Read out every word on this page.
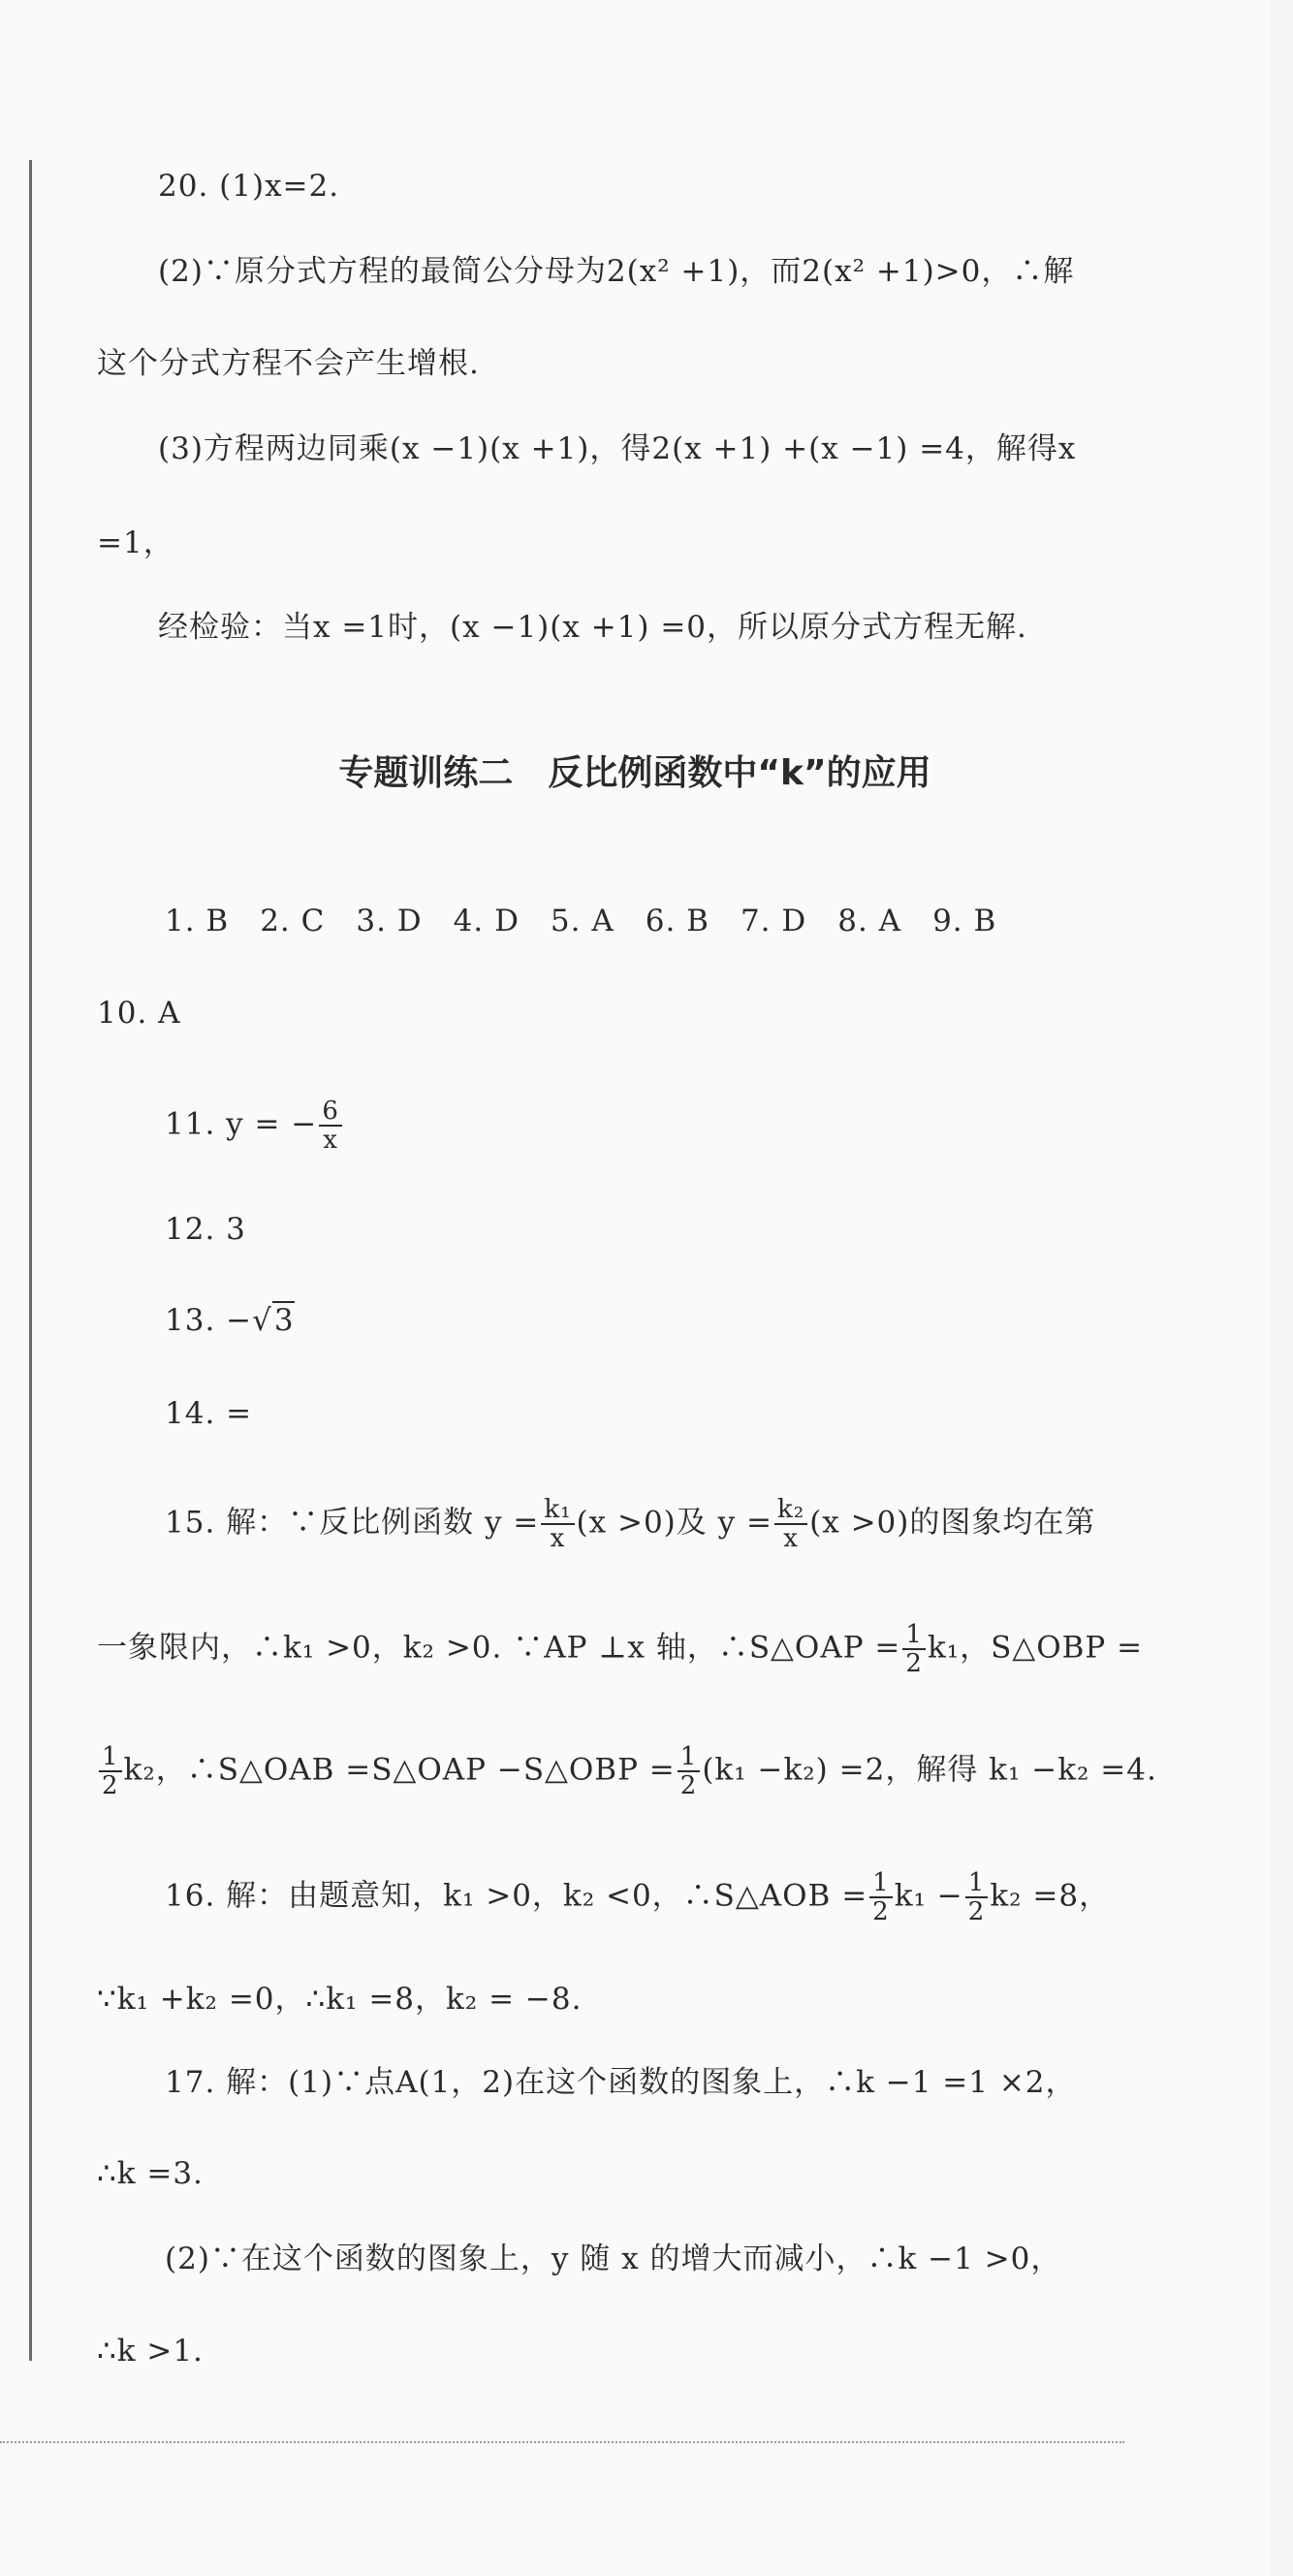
20. (1)x=2.
(2)∵原分式方程的最简公分母为2(x² +1)，而2(x² +1)>0，∴解
这个分式方程不会产生增根.
(3)方程两边同乘(x −1)(x +1)，得2(x +1) +(x −1) =4，解得x
=1，
经检验：当x =1时，(x −1)(x +1) =0，所以原分式方程无解.
专题训练二　反比例函数中“k”的应用
1. B　2. C　3. D　4. D　5. A　6. B　7. D　8. A　9. B
10. A
11. y = − $\frac{6}{x}$
12. 3
13. −√3
14. =
15. 解：∵反比例函数 $y = \frac{\text{k₁}}{x} (x >0)$及 $y = \frac{\text{k₂}}{x} (x >0)$的图象均在第
一象限内，∴k₁ >0，k₂ >0. ∵AP ⊥x 轴，∴S△OAP = $\frac{1}{2} k_1$，S△OBP =
$\frac{1}{2} k_2$，∴S△OAB =S△OAP −S△OBP = $\frac{1}{2} (k_1 -k_2) =2$，解得 k₁ −k₂ =4.
16. 解：由题意知，k₁ >0，k₂ <0，∴S△AOB = $\frac{1}{2} k_1 - \frac{1}{2} k_2 =8$，
∵k₁ +k₂ =0，∴k₁ =8，k₂ = −8.
17. 解：(1)∵点A(1，2)在这个函数的图象上，∴k −1 =1 ×2，
∴k =3.
(2)∵在这个函数的图象上，y 随 x 的增大而减小，∴k −1 >0，
∴k >1.
